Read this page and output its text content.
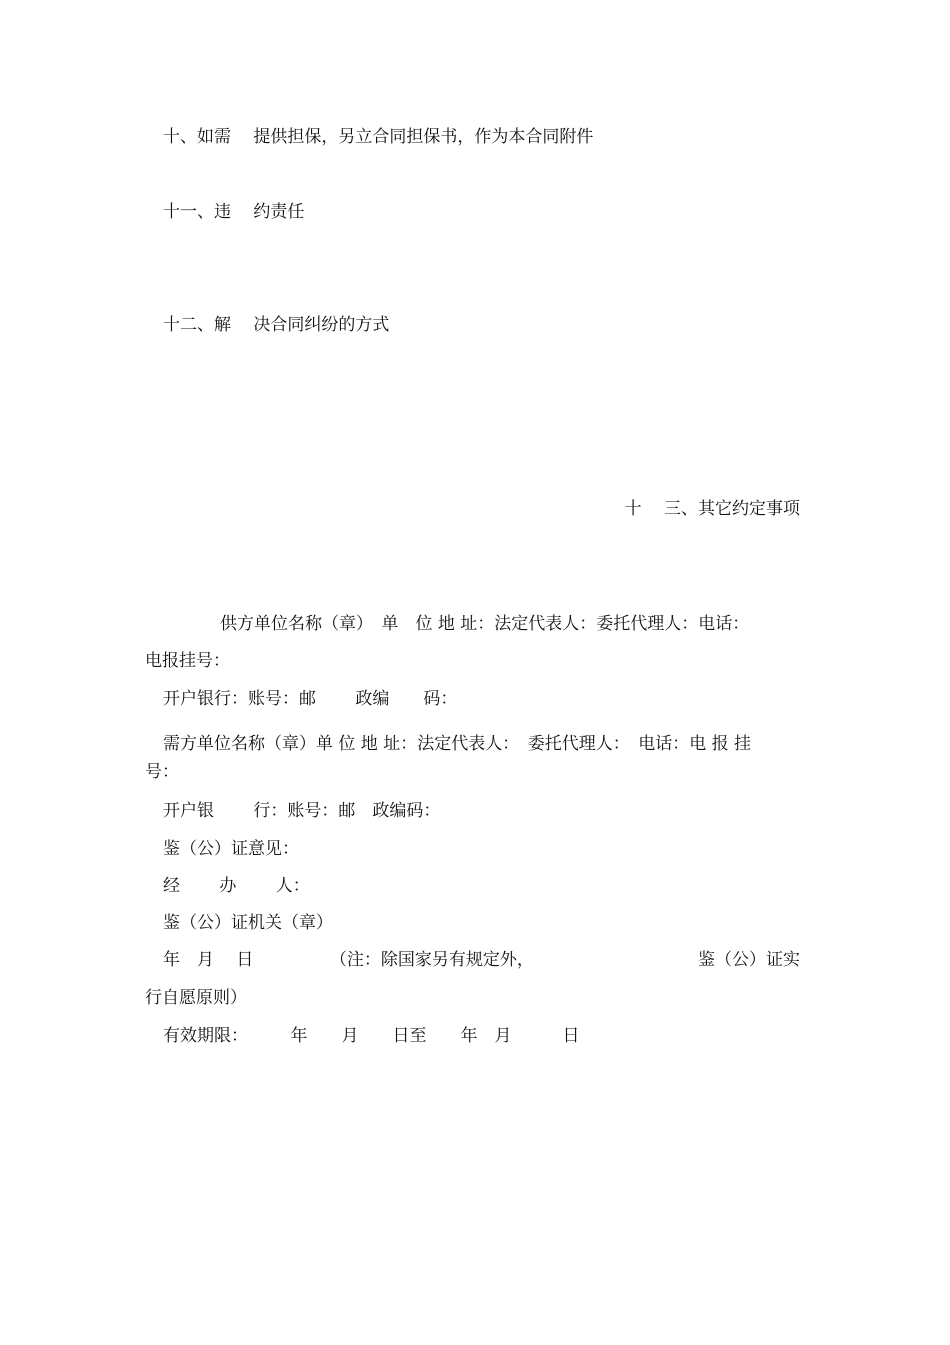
十、如需　 提供担保，另立合同担保书，作为本合同附件
十一、违　 约责任
十二、解　 决合同纠纷的方式
十　 三、其它约定事项
供方单位名称（章）　单　位 地 址：法定代表人：委托代理人：电话：
电报挂号：
开户银行：账号：邮　　 政编　　码：
需方单位名称（章）单 位 地 址：法定代表人：　委托代理人：　电话：电 报 挂
号：
开户银　　 行：账号：邮　政编码：
鉴（公）证意见：
经　　 办　　 人：
鉴（公）证机关（章）
年　月　 日　　　　　（注：除国家另有规定外，	鉴（公）证实
行自愿原则）
有效期限：　　　年　　月　　日至　　年　月　　　日
